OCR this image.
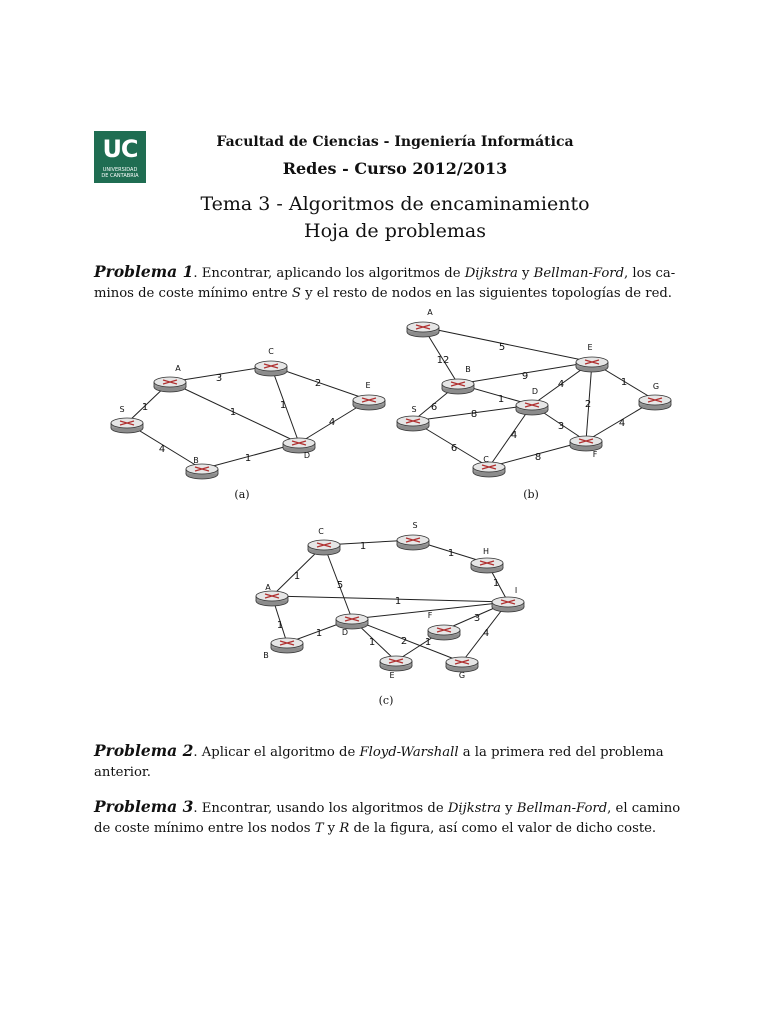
UC
UNIVERSIDAD
DE CANTABRIA
Facultad de Ciencias - Ingeniería Informática
Redes - Curso 2012/2013
Tema 3 - Algoritmos de encaminamiento
Hoja de problemas
Problema 1. Encontrar, aplicando los algoritmos de Dijkstra y Bellman-Ford, los ca-
minos de coste mínimo entre S y el resto de nodos en las siguientes topologías de red.
1
3	2
1
1
4
4
1
S
A
C
E
B
D
12
5
9
1
6
4	1
2
8
3
4
4
6
8
A
E
B
G
D
S
F
C
1
1
1
1
5
1
1
1
1	2 1
3
4
C
S
H
A	I
F
D
B
E	G
(a)	(b)
(c)
Problema 2. Aplicar el algoritmo de Floyd-Warshall a la primera red del problema
anterior.
Problema 3. Encontrar, usando los algoritmos de Dijkstra y Bellman-Ford, el camino
de coste mínimo entre los nodos T y R de la figura, así como el valor de dicho coste.
